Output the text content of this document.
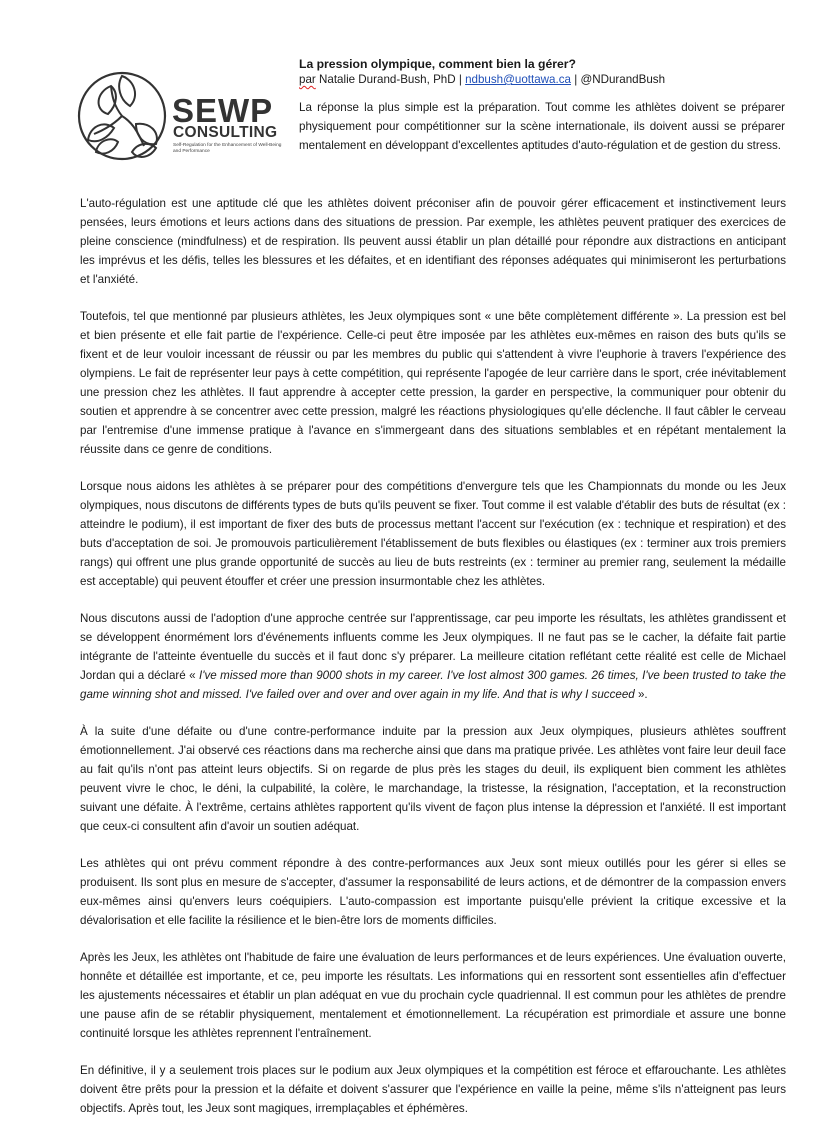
SEWP
CONSULTING
Self-Regulation for the Enhancement of Well-Being and Performance

La pression olympique, comment bien la gérer?

par Natalie Durand-Bush, PhD | ndbush@uottawa.ca | @NDurandBush

La réponse la plus simple est la préparation. Tout comme les athlètes doivent se préparer physiquement pour compétitionner sur la scène internationale, ils doivent aussi se préparer mentalement en développant d'excellentes aptitudes d'auto-régulation et de gestion du stress.

L'auto-régulation est une aptitude clé que les athlètes doivent préconiser afin de pouvoir gérer efficacement et instinctivement leurs pensées, leurs émotions et leurs actions dans des situations de pression. Par exemple, les athlètes peuvent pratiquer des exercices de pleine conscience (mindfulness) et de respiration. Ils peuvent aussi établir un plan détaillé pour répondre aux distractions en anticipant les imprévus et les défis, telles les blessures et les défaites, et en identifiant des réponses adéquates qui minimiseront les perturbations et l'anxiété.

Toutefois, tel que mentionné par plusieurs athlètes, les Jeux olympiques sont « une bête complètement différente ». La pression est bel et bien présente et elle fait partie de l'expérience. Celle-ci peut être imposée par les athlètes eux-mêmes en raison des buts qu'ils se fixent et de leur vouloir incessant de réussir ou par les membres du public qui s'attendent à vivre l'euphorie à travers l'expérience des olympiens. Le fait de représenter leur pays à cette compétition, qui représente l'apogée de leur carrière dans le sport, crée inévitablement une pression chez les athlètes. Il faut apprendre à accepter cette pression, la garder en perspective, la communiquer pour obtenir du soutien et apprendre à se concentrer avec cette pression, malgré les réactions physiologiques qu'elle déclenche. Il faut câbler le cerveau par l'entremise d'une immense pratique à l'avance en s'immergeant dans des situations semblables et en répétant mentalement la réussite dans ce genre de conditions.

Lorsque nous aidons les athlètes à se préparer pour des compétitions d'envergure tels que les Championnats du monde ou les Jeux olympiques, nous discutons de différents types de buts qu'ils peuvent se fixer. Tout comme il est valable d'établir des buts de résultat (ex : atteindre le podium), il est important de fixer des buts de processus mettant l'accent sur l'exécution (ex : technique et respiration) et des buts d'acceptation de soi. Je promouvois particulièrement l'établissement de buts flexibles ou élastiques (ex : terminer aux trois premiers rangs) qui offrent une plus grande opportunité de succès au lieu de buts restreints (ex : terminer au premier rang, seulement la médaille est acceptable) qui peuvent étouffer et créer une pression insurmontable chez les athlètes.

Nous discutons aussi de l'adoption d'une approche centrée sur l'apprentissage, car peu importe les résultats, les athlètes grandissent et se développent énormément lors d'événements influents comme les Jeux olympiques. Il ne faut pas se le cacher, la défaite fait partie intégrante de l'atteinte éventuelle du succès et il faut donc s'y préparer. La meilleure citation reflétant cette réalité est celle de Michael Jordan qui a déclaré « I've missed more than 9000 shots in my career. I've lost almost 300 games. 26 times, I've been trusted to take the game winning shot and missed. I've failed over and over and over again in my life. And that is why I succeed ».

À la suite d'une défaite ou d'une contre-performance induite par la pression aux Jeux olympiques, plusieurs athlètes souffrent émotionnellement. J'ai observé ces réactions dans ma recherche ainsi que dans ma pratique privée. Les athlètes vont faire leur deuil face au fait qu'ils n'ont pas atteint leurs objectifs. Si on regarde de plus près les stages du deuil, ils expliquent bien comment les athlètes peuvent vivre le choc, le déni, la culpabilité, la colère, le marchandage, la tristesse, la résignation, l'acceptation, et la reconstruction suivant une défaite. À l'extrême, certains athlètes rapportent qu'ils vivent de façon plus intense la dépression et l'anxiété. Il est important que ceux-ci consultent afin d'avoir un soutien adéquat.

Les athlètes qui ont prévu comment répondre à des contre-performances aux Jeux sont mieux outillés pour les gérer si elles se produisent. Ils sont plus en mesure de s'accepter, d'assumer la responsabilité de leurs actions, et de démontrer de la compassion envers eux-mêmes ainsi qu'envers leurs coéquipiers. L'auto-compassion est importante puisqu'elle prévient la critique excessive et la dévalorisation et elle facilite la résilience et le bien-être lors de moments difficiles.

Après les Jeux, les athlètes ont l'habitude de faire une évaluation de leurs performances et de leurs expériences. Une évaluation ouverte, honnête et détaillée est importante, et ce, peu importe les résultats. Les informations qui en ressortent sont essentielles afin d'effectuer les ajustements nécessaires et établir un plan adéquat en vue du prochain cycle quadriennal. Il est commun pour les athlètes de prendre une pause afin de se rétablir physiquement, mentalement et émotionnellement. La récupération est primordiale et assure une bonne continuité lorsque les athlètes reprennent l'entraînement.

En définitive, il y a seulement trois places sur le podium aux Jeux olympiques et la compétition est féroce et effarouchante. Les athlètes doivent être prêts pour la pression et la défaite et doivent s'assurer que l'expérience en vaille la peine, même s'ils n'atteignent pas leurs objectifs. Après tout, les Jeux sont magiques, irremplaçables et éphémères.
